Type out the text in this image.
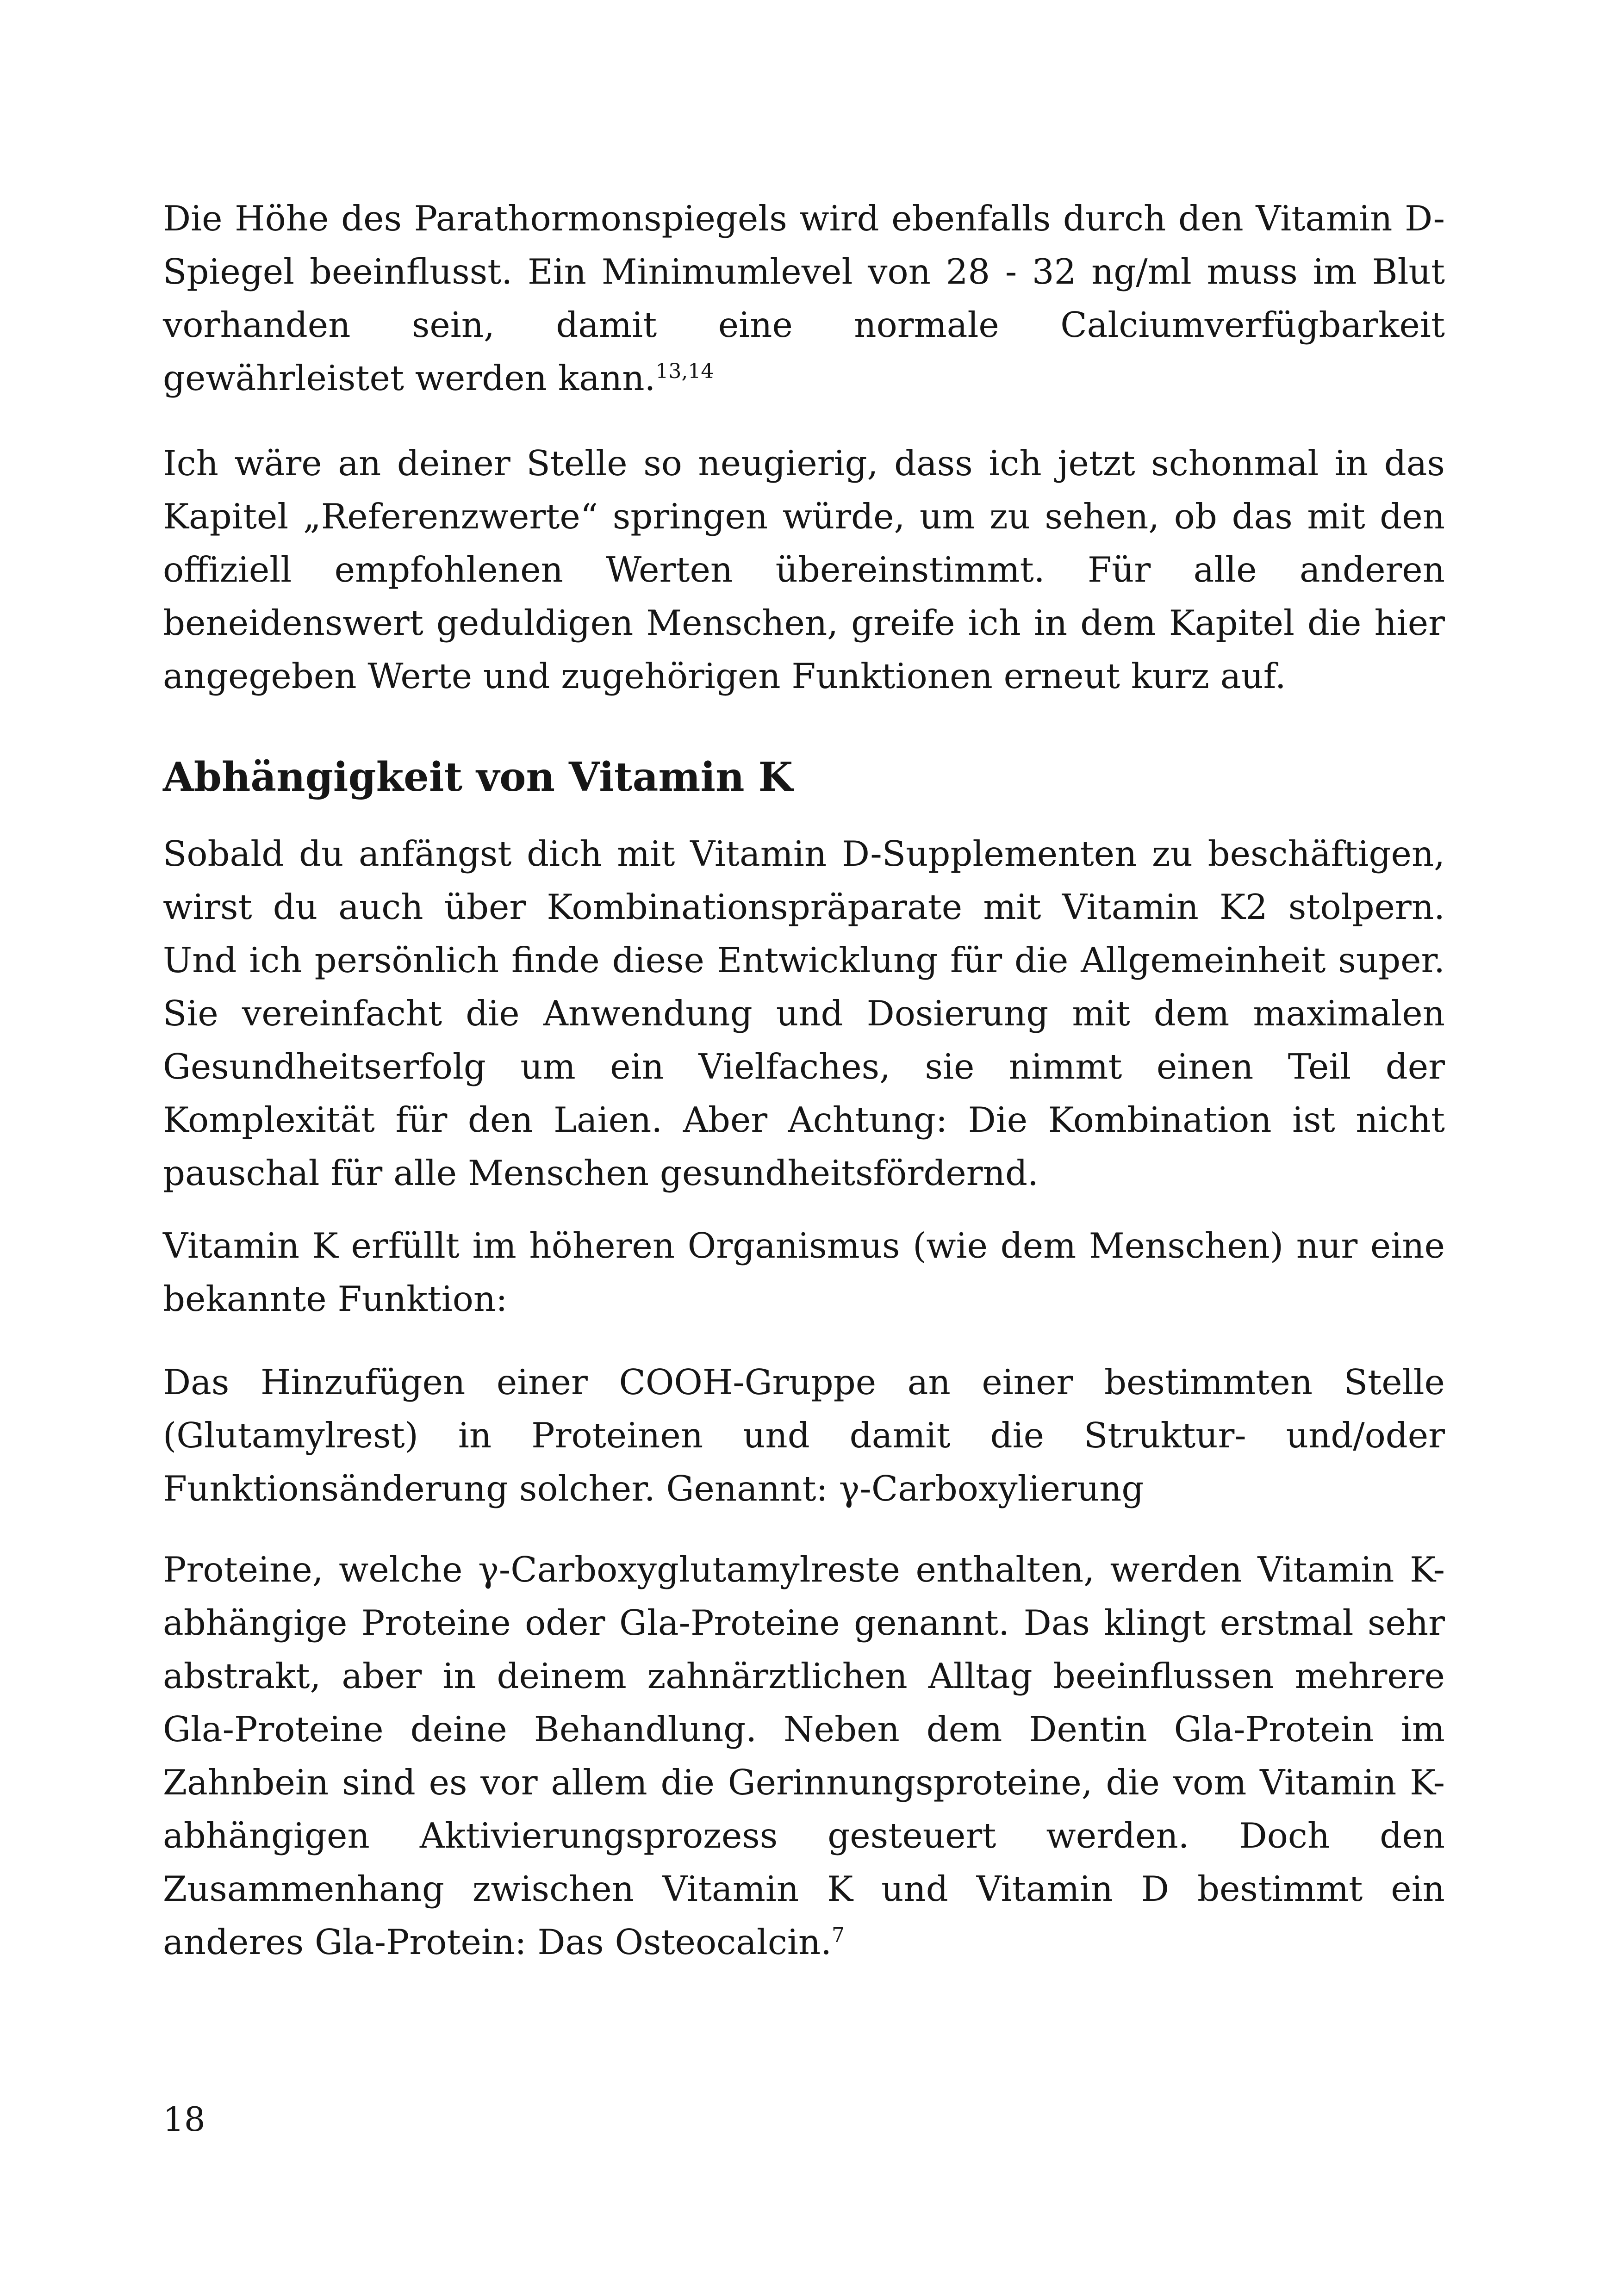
Die Höhe des Parathormonspiegels wird ebenfalls durch den Vitamin D-Spiegel beeinflusst. Ein Minimumlevel von 28 - 32 ng/ml muss im Blut vorhanden sein, damit eine normale Calciumverfügbarkeit gewährleistet werden kann.$^{13,14}$

Ich wäre an deiner Stelle so neugierig, dass ich jetzt schonmal in das Kapitel „Referenzwerte“ springen würde, um zu sehen, ob das mit den offiziell empfohlenen Werten übereinstimmt. Für alle anderen beneidenswert geduldigen Menschen, greife ich in dem Kapitel die hier angegeben Werte und zugehörigen Funktionen erneut kurz auf.

Abhängigkeit von Vitamin K

Sobald du anfängst dich mit Vitamin D-Supplementen zu beschäftigen, wirst du auch über Kombinationspräparate mit Vitamin K2 stolpern. Und ich persönlich finde diese Entwicklung für die Allgemeinheit super. Sie vereinfacht die Anwendung und Dosierung mit dem maximalen Gesundheitserfolg um ein Vielfaches, sie nimmt einen Teil der Komplexität für den Laien. Aber Achtung: Die Kombination ist nicht pauschal für alle Menschen gesundheitsfördernd.

Vitamin K erfüllt im höheren Organismus (wie dem Menschen) nur eine bekannte Funktion:

Das Hinzufügen einer COOH-Gruppe an einer bestimmten Stelle (Glutamylrest) in Proteinen und damit die Struktur- und/oder Funktionsänderung solcher. Genannt: γ-Carboxylierung

Proteine, welche γ-Carboxyglutamylreste enthalten, werden Vitamin K-abhängige Proteine oder Gla-Proteine genannt. Das klingt erstmal sehr abstrakt, aber in deinem zahnärztlichen Alltag beeinflussen mehrere Gla-Proteine deine Behandlung. Neben dem Dentin Gla-Protein im Zahnbein sind es vor allem die Gerinnungsproteine, die vom Vitamin K-abhängigen Aktivierungsprozess gesteuert werden. Doch den Zusammenhang zwischen Vitamin K und Vitamin D bestimmt ein anderes Gla-Protein: Das Osteocalcin.$^7$

18
